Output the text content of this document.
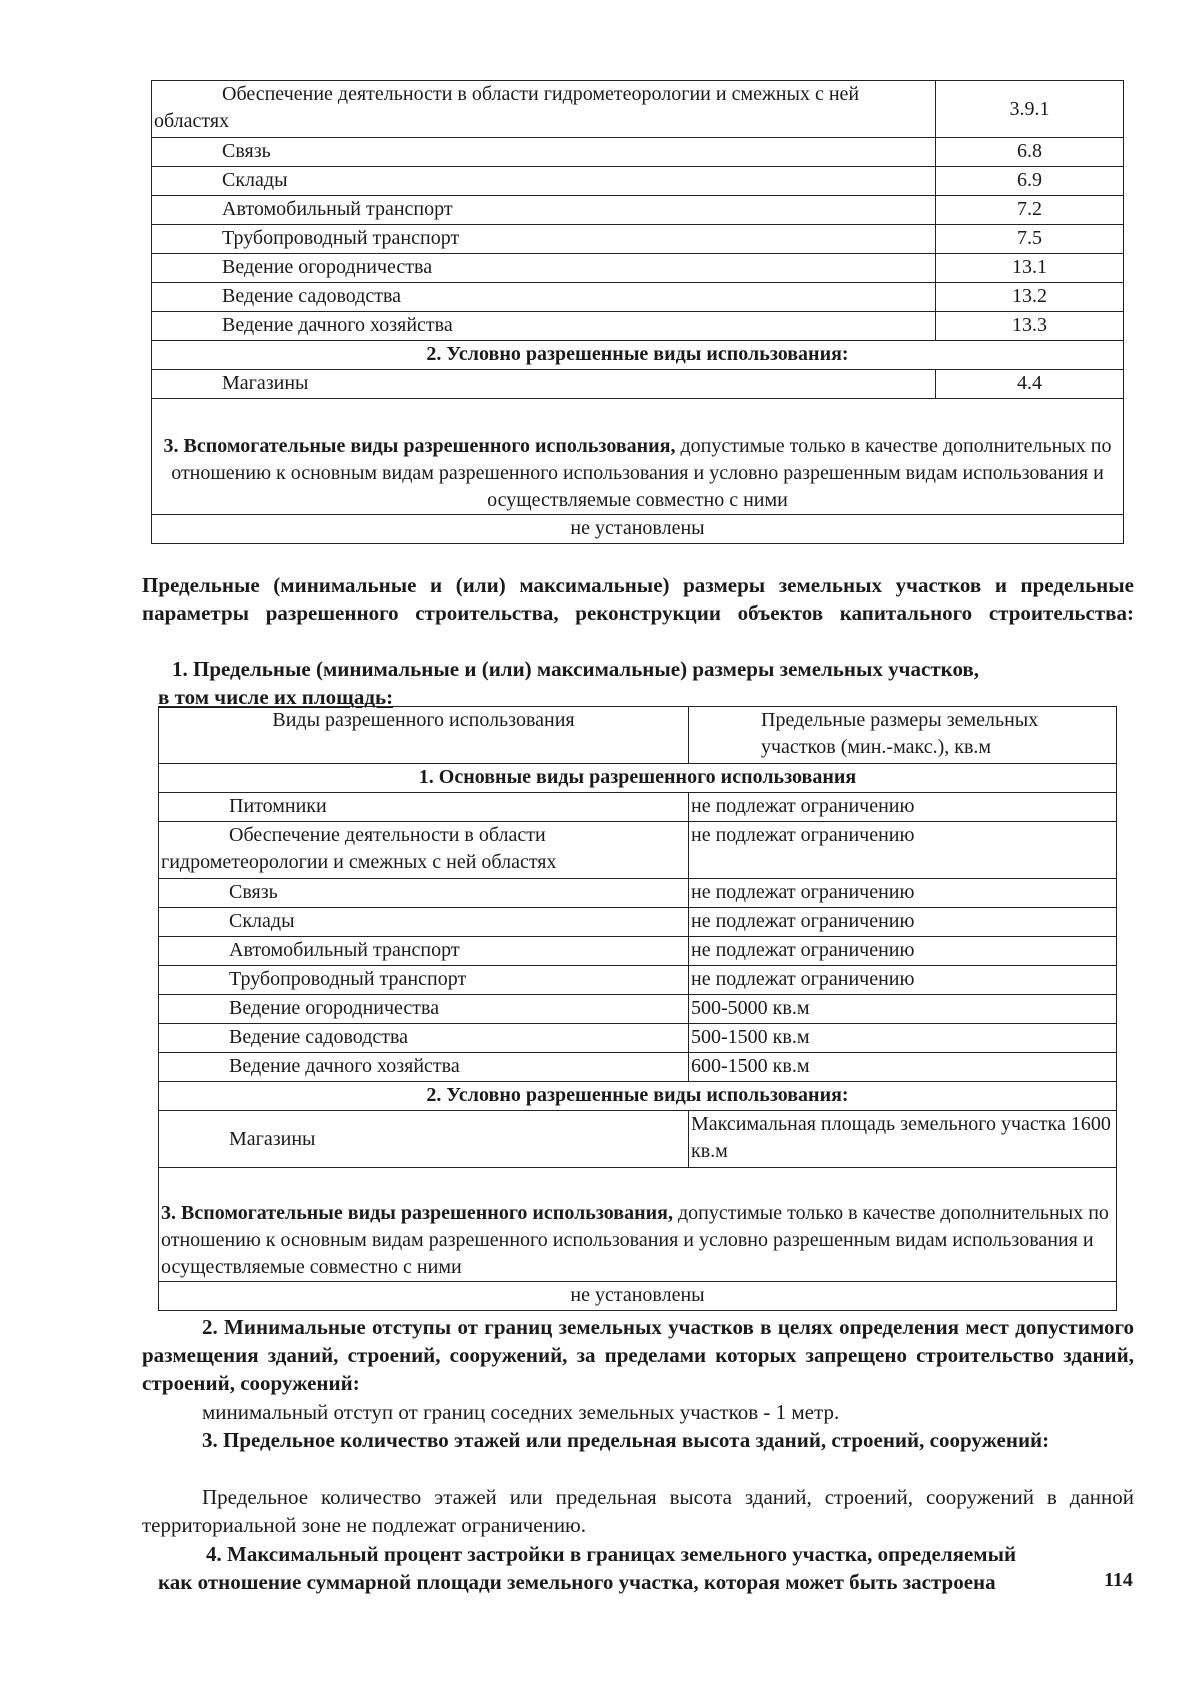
Обеспечение деятельности в области гидрометеорологии и смежных с ней областях	3.9.1
Связь	6.8
Склады	6.9
Автомобильный транспорт	7.2
Трубопроводный транспорт	7.5
Ведение огородничества	13.1
Ведение садоводства	13.2
Ведение дачного хозяйства	13.3
2. Условно разрешенные виды использования:	
Магазины	4.4
3. Вспомогательные виды разрешенного использования, допустимые только в качестве дополнительных по отношению к основным видам разрешенного использования и условно разрешенным видам использования и осуществляемые совместно с ними	
не установлены	
Предельные (минимальные и (или) максимальные) размеры земельных участков и предельные параметры разрешенного строительства, реконструкции объектов капитального строительства:
1. Предельные (минимальные и (или) максимальные) размеры земельных участков,
в том числе их площадь:
Виды разрешенного использования	Предельные размеры земельных участков (мин.-макс.), кв.м
1. Основные виды разрешенного использования	
Питомники	не подлежат ограничению
Обеспечение деятельности в области гидрометеорологии и смежных с ней областях	не подлежат ограничению
Связь	не подлежат ограничению
Склады	не подлежат ограничению
Автомобильный транспорт	не подлежат ограничению
Трубопроводный транспорт	не подлежат ограничению
Ведение огородничества	500-5000 кв.м
Ведение садоводства	500-1500 кв.м
Ведение дачного хозяйства	600-1500 кв.м
2. Условно разрешенные виды использования:	
Магазины	Максимальная площадь земельного участка 1600 кв.м
3. Вспомогательные виды разрешенного использования, допустимые только в качестве дополнительных по отношению к основным видам разрешенного использования и условно разрешенным видам использования и осуществляемые совместно с ними	
не установлены	
2. Минимальные отступы от границ земельных участков в целях определения мест допустимого размещения зданий, строений, сооружений, за пределами которых запрещено строительство зданий, строений, сооружений:
минимальный отступ от границ соседних земельных участков - 1 метр.
3. Предельное количество этажей или предельная высота зданий, строений, сооружений:
Предельное количество этажей или предельная высота зданий, строений, сооружений в данной территориальной зоне не подлежат ограничению.
4. Максимальный процент застройки в границах земельного участка, определяемый
как отношение суммарной площади земельного участка, которая может быть застроена	114
